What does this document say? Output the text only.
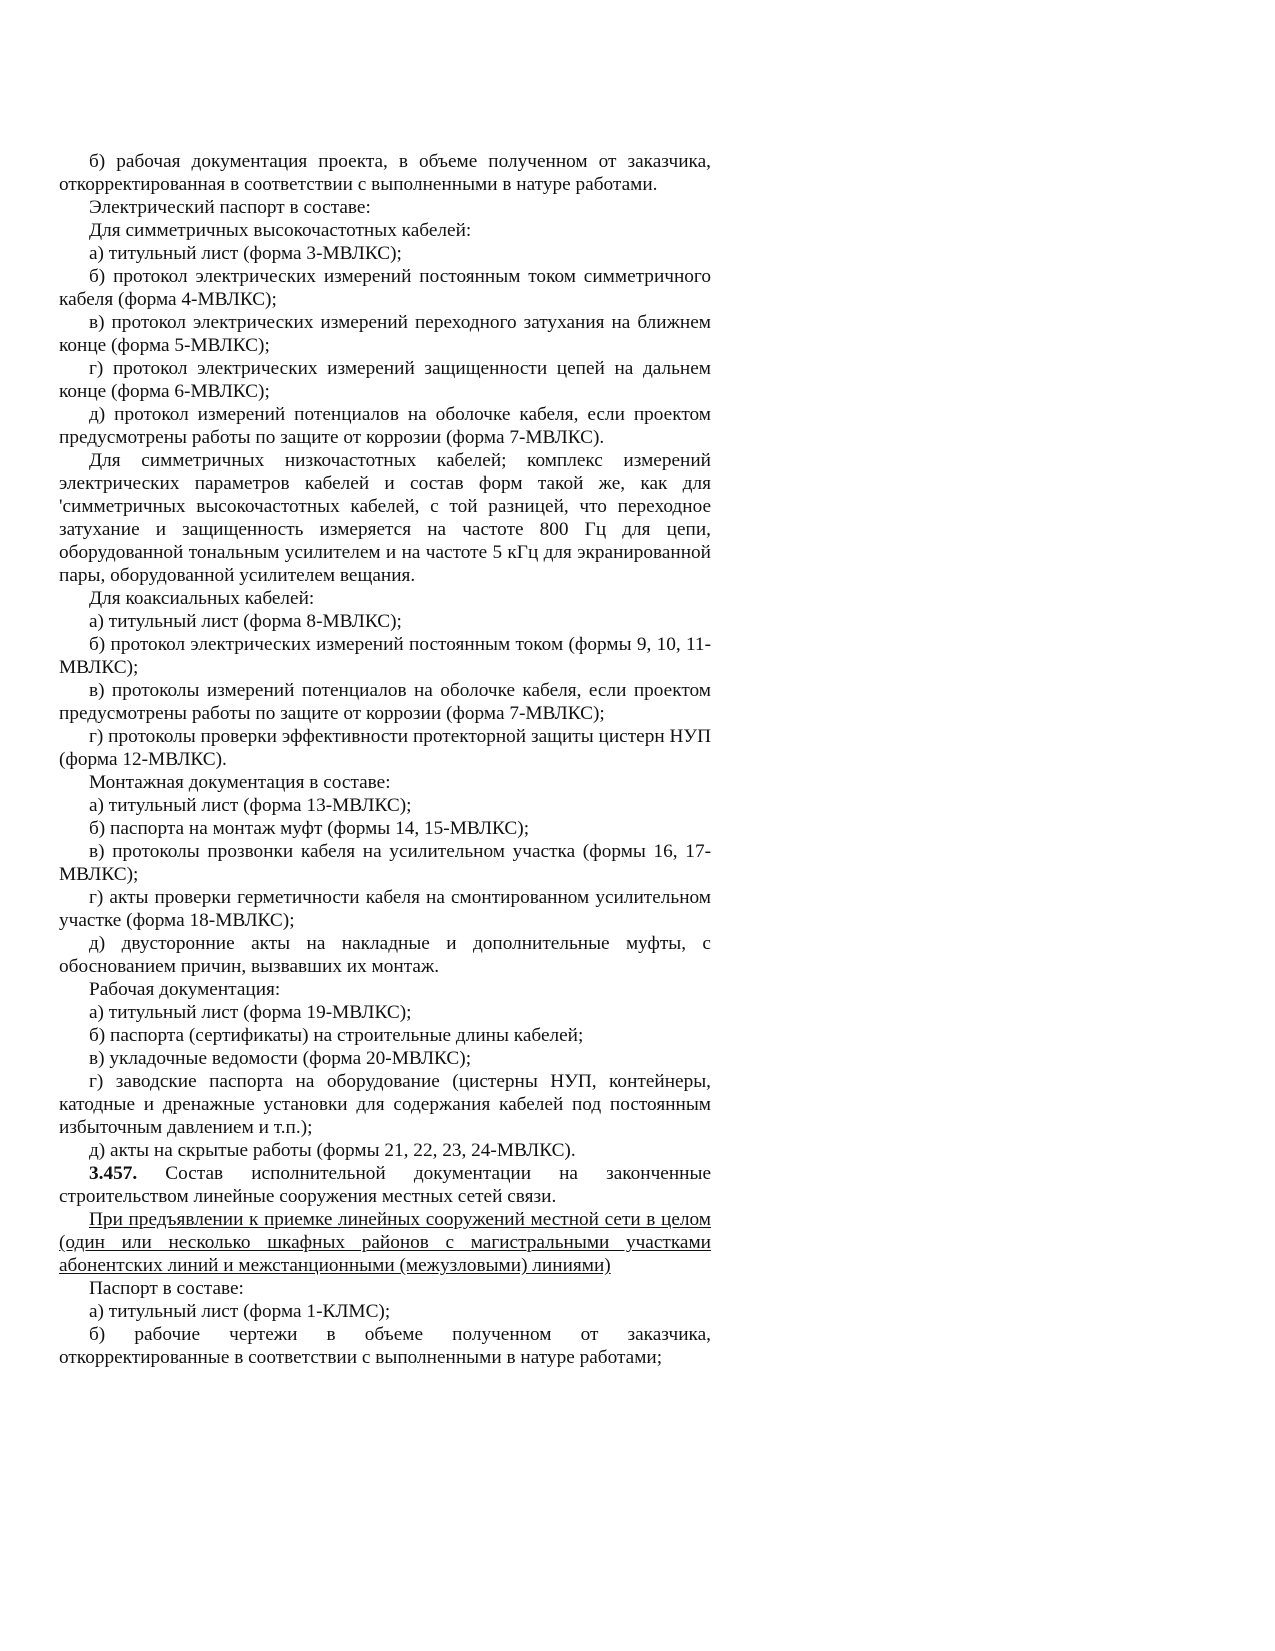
б) рабочая документация проекта, в объеме полученном от заказчика, откорректированная в соответствии с выполненными в натуре работами.

Электрический паспорт в составе:

Для симметричных высокочастотных кабелей:

а) титульный лист (форма 3-МВЛКС);

б) протокол электрических измерений постоянным током симметричного кабеля (форма 4-МВЛКС);

в) протокол электрических измерений переходного затухания на ближнем конце (форма 5-МВЛКС);

г) протокол электрических измерений защищенности цепей на дальнем конце (форма 6-МВЛКС);

д) протокол измерений потенциалов на оболочке кабеля, если проектом предусмотрены работы по защите от коррозии (форма 7-МВЛКС).

Для симметричных низкочастотных кабелей; комплекс измерений электрических параметров кабелей и состав форм такой же, как для 'симметричных высокочастотных кабелей, с той разницей, что переходное затухание и защищенность измеряется на частоте 800 Гц для цепи, оборудованной тональным усилителем и на частоте 5 кГц для экранированной пары, оборудованной усилителем вещания.

Для коаксиальных кабелей:

а) титульный лист (форма 8-МВЛКС);

б) протокол электрических измерений постоянным током (формы 9, 10, 11-МВЛКС);

в) протоколы измерений потенциалов на оболочке кабеля, если проектом предусмотрены работы по защите от коррозии (форма 7-МВЛКС);

г) протоколы проверки эффективности протекторной защиты цистерн НУП (форма 12-МВЛКС).

Монтажная документация в составе:

а) титульный лист (форма 13-МВЛКС);

б) паспорта на монтаж муфт (формы 14, 15-МВЛКС);

в) протоколы прозвонки кабеля на усилительном участка (формы 16, 17-МВЛКС);

г) акты проверки герметичности кабеля на смонтированном усилительном участке (форма 18-МВЛКС);

д) двусторонние акты на накладные и дополнительные муфты, с обоснованием причин, вызвавших их монтаж.

Рабочая документация:

а) титульный лист (форма 19-МВЛКС);

б) паспорта (сертификаты) на строительные длины кабелей;

в) укладочные ведомости (форма 20-МВЛКС);

г) заводские паспорта на оборудование (цистерны НУП, контейнеры, катодные и дренажные установки для содержания кабелей под постоянным избыточным давлением и т.п.);

д) акты на скрытые работы (формы 21, 22, 23, 24-МВЛКС).

3.457. Состав исполнительной документации на законченные строительством линейные сооружения местных сетей связи.

При предъявлении к приемке линейных сооружений местной сети в целом (один или несколько шкафных районов с магистральными участками абонентских линий и межстанционными (межузловыми) линиями)

Паспорт в составе:

а) титульный лист (форма 1-КЛМС);

б) рабочие чертежи в объеме полученном от заказчика, откорректированные в соответствии с выполненными в натуре работами;
